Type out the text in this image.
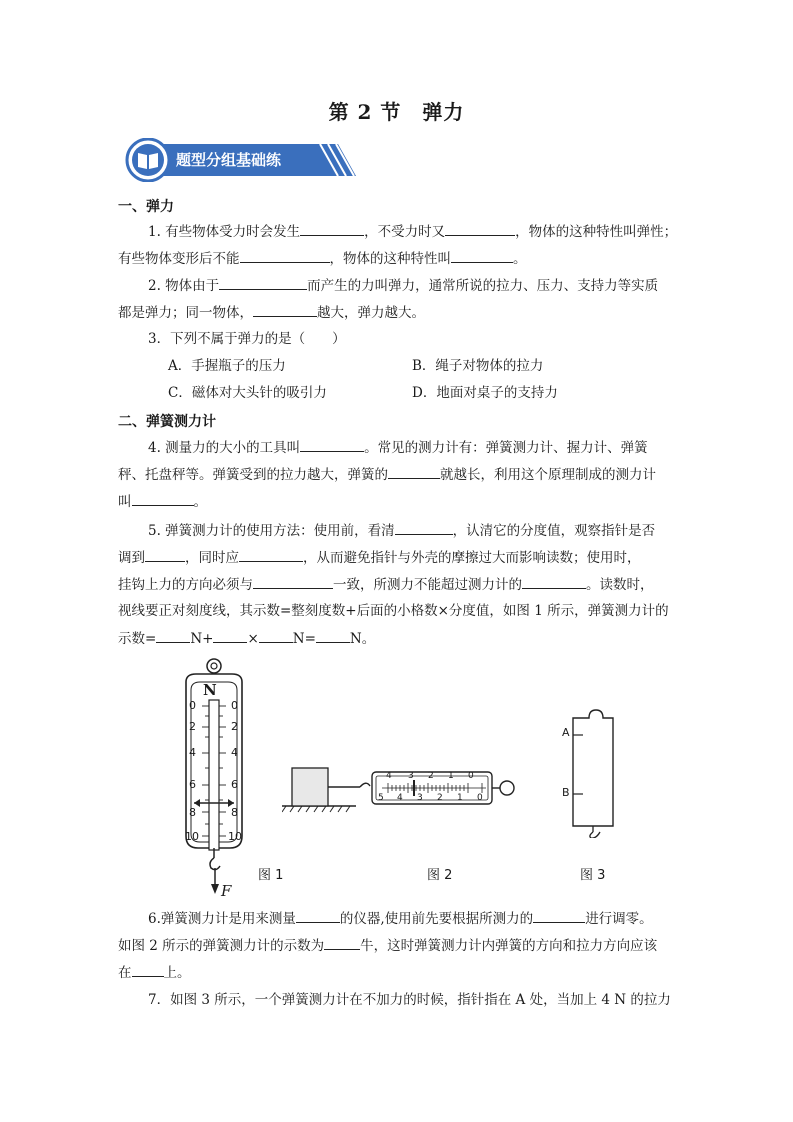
第 2 节　弹力
题型分组基础练
一、弹力
1. 有些物体受力时会发生	，不受力时又	，物体的这种特性叫弹性；
有些物体变形后不能	，物体的这种特性叫	。
2. 物体由于	而产生的力叫弹力，通常所说的拉力、压力、支持力等实质
都是弹力；同一物体，	越大，弹力越大。
3．下列不属于弹力的是（　　）
A．手握瓶子的压力	B．绳子对物体的拉力
C．磁体对大头针的吸引力	D．地面对桌子的支持力
二、弹簧测力计
4. 测量力的大小的工具叫	。常见的测力计有：弹簧测力计、握力计、弹簧
秤、托盘秤等。弹簧受到的拉力越大，弹簧的	就越长，利用这个原理制成的测力计
叫	。
5. 弹簧测力计的使用方法：使用前，看清	，认清它的分度值，观察指针是否
调到	，同时应	，从而避免指针与外壳的摩擦过大而影响读数；使用时，
挂钩上力的方向必须与	一致，所测力不能超过测力计的	。读数时，
视线要正对刻度线，其示数=整刻度数+后面的小格数×分度值，如图 1 所示，弹簧测力计的
示数=	N+	×	N=	N。
N
0
2
4
6
8
10
0
2
4
6
8
10
F
图 1
4 3 2 1 0
5 4 3 2 1 0
图 2
A
B
图 3
6.弹簧测力计是用来测量	的仪器,使用前先要根据所测力的	进行调零。
如图 2 所示的弹簧测力计的示数为	牛，这时弹簧测力计内弹簧的方向和拉力方向应该
在 上。
7．如图 3 所示，一个弹簧测力计在不加力的时候，指针指在 A 处，当加上 4 N 的拉力
